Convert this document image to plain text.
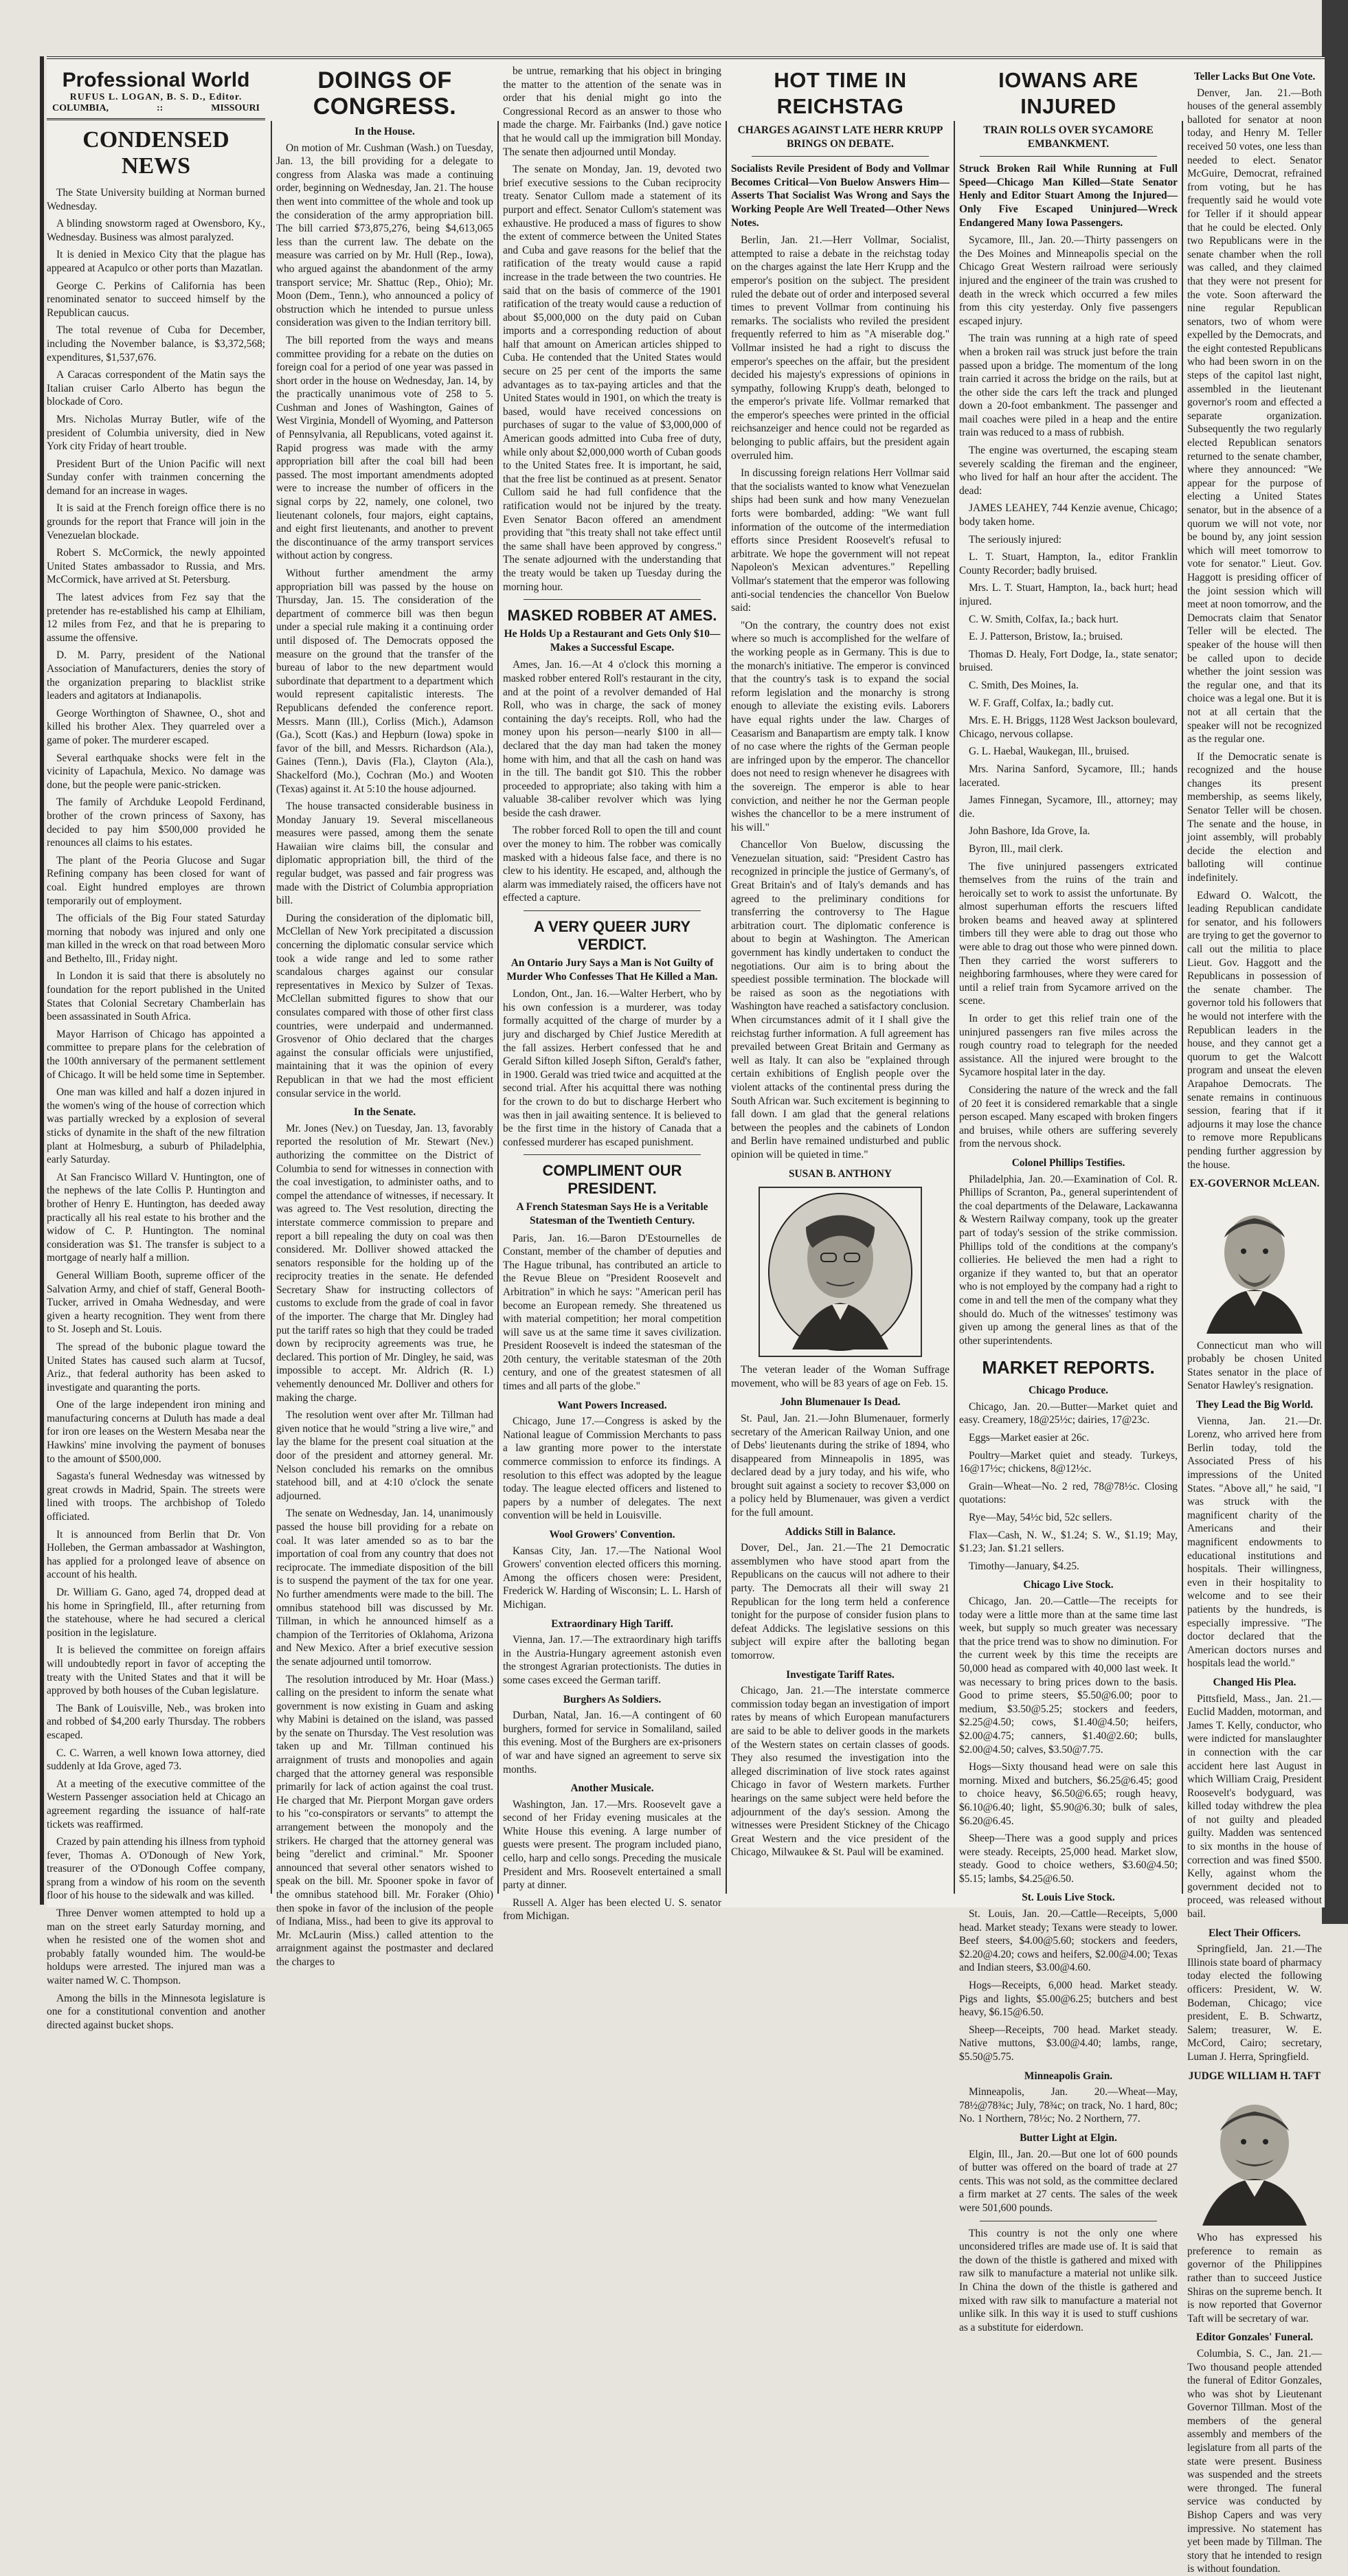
Professional World
RUFUS L. LOGAN, B. S. D., Editor.
COLUMBIA,	::	MISSOURI
CONDENSED NEWS

The State University building at Norman burned Wednesday.

A blinding snowstorm raged at Owensboro, Ky., Wednesday. Business was almost paralyzed.

It is denied in Mexico City that the plague has appeared at Acapulco or other ports than Mazatlan.

George C. Perkins of California has been renominated senator to succeed himself by the Republican caucus.

The total revenue of Cuba for December, including the November balance, is $3,372,568; expenditures, $1,537,676.

A Caracas correspondent of the Matin says the Italian cruiser Carlo Alberto has begun the blockade of Coro.

Mrs. Nicholas Murray Butler, wife of the president of Columbia university, died in New York city Friday of heart trouble.

President Burt of the Union Pacific will next Sunday confer with trainmen concerning the demand for an increase in wages.

It is said at the French foreign office there is no grounds for the report that France will join in the Venezuelan blockade.

Robert S. McCormick, the newly appointed United States ambassador to Russia, and Mrs. McCormick, have arrived at St. Petersburg.

The latest advices from Fez say that the pretender has re-established his camp at Elhiliam, 12 miles from Fez, and that he is preparing to assume the offensive.

D. M. Parry, president of the National Association of Manufacturers, denies the story of the organization preparing to blacklist strike leaders and agitators at Indianapolis.

George Worthington of Shawnee, O., shot and killed his brother Alex. They quarreled over a game of poker. The murderer escaped.

Several earthquake shocks were felt in the vicinity of Lapachula, Mexico. No damage was done, but the people were panic-stricken.

The family of Archduke Leopold Ferdinand, brother of the crown princess of Saxony, has decided to pay him $500,000 provided he renounces all claims to his estates.

The plant of the Peoria Glucose and Sugar Refining company has been closed for want of coal. Eight hundred employes are thrown temporarily out of employment.

The officials of the Big Four stated Saturday morning that nobody was injured and only one man killed in the wreck on that road between Moro and Bethelto, Ill., Friday night.

In London it is said that there is absolutely no foundation for the report published in the United States that Colonial Secretary Chamberlain has been assassinated in South Africa.

Mayor Harrison of Chicago has appointed a committee to prepare plans for the celebration of the 100th anniversary of the permanent settlement of Chicago. It will be held some time in September.

One man was killed and half a dozen injured in the women's wing of the house of correction which was partially wrecked by a explosion of several sticks of dynamite in the shaft of the new filtration plant at Holmesburg, a suburb of Philadelphia, early Saturday.

At San Francisco Willard V. Huntington, one of the nephews of the late Collis P. Huntington and brother of Henry E. Huntington, has deeded away practically all his real estate to his brother and the widow of C. P. Huntington. The nominal consideration was $1. The transfer is subject to a mortgage of nearly half a million.

General William Booth, supreme officer of the Salvation Army, and chief of staff, General Booth-Tucker, arrived in Omaha Wednesday, and were given a hearty recognition. They went from there to St. Joseph and St. Louis.

The spread of the bubonic plague toward the United States has caused such alarm at Tucsof, Ariz., that federal authority has been asked to investigate and quaranting the ports.

One of the large independent iron mining and manufacturing concerns at Duluth has made a deal for iron ore leases on the Western Mesaba near the Hawkins' mine involving the payment of bonuses to the amount of $500,000.

Sagasta's funeral Wednesday was witnessed by great crowds in Madrid, Spain. The streets were lined with troops. The archbishop of Toledo officiated.

It is announced from Berlin that Dr. Von Holleben, the German ambassador at Washington, has applied for a prolonged leave of absence on account of his health.

Dr. William G. Gano, aged 74, dropped dead at his home in Springfield, Ill., after returning from the statehouse, where he had secured a clerical position in the legislature.

It is believed the committee on foreign affairs will undoubtedly report in favor of accepting the treaty with the United States and that it will be approved by both houses of the Cuban legislature.

The Bank of Louisville, Neb., was broken into and robbed of $4,200 early Thursday. The robbers escaped.

C. C. Warren, a well known Iowa attorney, died suddenly at Ida Grove, aged 73.

At a meeting of the executive committee of the Western Passenger association held at Chicago an agreement regarding the issuance of half-rate tickets was reaffirmed.

Crazed by pain attending his illness from typhoid fever, Thomas A. O'Donough of New York, treasurer of the O'Donough Coffee company, sprang from a window of his room on the seventh floor of his house to the sidewalk and was killed.

Three Denver women attempted to hold up a man on the street early Saturday morning, and when he resisted one of the women shot and probably fatally wounded him. The would-be holdups were arrested. The injured man was a waiter named W. C. Thompson.

Among the bills in the Minnesota legislature is one for a constitutional convention and another directed against bucket shops.

DOINGS OF CONGRESS.
In the House.

On motion of Mr. Cushman (Wash.) on Tuesday, Jan. 13, the bill providing for a delegate to congress from Alaska was made a continuing order, beginning on Wednesday, Jan. 21. The house then went into committee of the whole and took up the consideration of the army appropriation bill. The bill carried $73,875,276, being $4,613,065 less than the current law. The debate on the measure was carried on by Mr. Hull (Rep., Iowa), who argued against the abandonment of the army transport service; Mr. Shattuc (Rep., Ohio); Mr. Moon (Dem., Tenn.), who announced a policy of obstruction which he intended to pursue unless consideration was given to the Indian territory bill.

The bill reported from the ways and means committee providing for a rebate on the duties on foreign coal for a period of one year was passed in short order in the house on Wednesday, Jan. 14, by the practically unanimous vote of 258 to 5. Cushman and Jones of Washington, Gaines of West Virginia, Mondell of Wyoming, and Patterson of Pennsylvania, all Republicans, voted against it. Rapid progress was made with the army appropriation bill after the coal bill had been passed. The most important amendments adopted were to increase the number of officers in the signal corps by 22, namely, one colonel, two lieutenant colonels, four majors, eight captains, and eight first lieutenants, and another to prevent the discontinuance of the army transport services without action by congress.

Without further amendment the army appropriation bill was passed by the house on Thursday, Jan. 15. The consideration of the department of commerce bill was then begun under a special rule making it a continuing order until disposed of. The Democrats opposed the measure on the ground that the transfer of the bureau of labor to the new department would subordinate that department to a department which would represent capitalistic interests. The Republicans defended the conference report. Messrs. Mann (Ill.), Corliss (Mich.), Adamson (Ga.), Scott (Kas.) and Hepburn (Iowa) spoke in favor of the bill, and Messrs. Richardson (Ala.), Gaines (Tenn.), Davis (Fla.), Clayton (Ala.), Shackelford (Mo.), Cochran (Mo.) and Wooten (Texas) against it. At 5:10 the house adjourned.

The house transacted considerable business in Monday January 19. Several miscellaneous measures were passed, among them the senate Hawaiian wire claims bill, the consular and diplomatic appropriation bill, the third of the regular budget, was passed and fair progress was made with the District of Columbia appropriation bill.

During the consideration of the diplomatic bill, McClellan of New York precipitated a discussion concerning the diplomatic consular service which took a wide range and led to some rather scandalous charges against our consular representatives in Mexico by Sulzer of Texas. McClellan submitted figures to show that our consulates compared with those of other first class countries, were underpaid and undermanned. Grosvenor of Ohio declared that the charges against the consular officials were unjustified, maintaining that it was the opinion of every Republican in that we had the most efficient consular service in the world.

In the Senate.

Mr. Jones (Nev.) on Tuesday, Jan. 13, favorably reported the resolution of Mr. Stewart (Nev.) authorizing the committee on the District of Columbia to send for witnesses in connection with the coal investigation, to administer oaths, and to compel the attendance of witnesses, if necessary. It was agreed to. The Vest resolution, directing the interstate commerce commission to prepare and report a bill repealing the duty on coal was then considered. Mr. Dolliver showed attacked the senators responsible for the holding up of the reciprocity treaties in the senate. He defended Secretary Shaw for instructing collectors of customs to exclude from the grade of coal in favor of the importer. The charge that Mr. Dingley had put the tariff rates so high that they could be traded down by reciprocity agreements was true, he declared. This portion of Mr. Dingley, he said, was impossible to accept. Mr. Aldrich (R. I.) vehemently denounced Mr. Dolliver and others for making the charge.

The resolution went over after Mr. Tillman had given notice that he would "string a live wire," and lay the blame for the present coal situation at the door of the president and attorney general. Mr. Nelson concluded his remarks on the omnibus statehood bill, and at 4:10 o'clock the senate adjourned.

The senate on Wednesday, Jan. 14, unanimously passed the house bill providing for a rebate on coal. It was later amended so as to bar the importation of coal from any country that does not reciprocate. The immediate disposition of the bill is to suspend the payment of the tax for one year. No further amendments were made to the bill. The omnibus statehood bill was discussed by Mr. Tillman, in which he announced himself as a champion of the Territories of Oklahoma, Arizona and New Mexico. After a brief executive session the senate adjourned until tomorrow.

The resolution introduced by Mr. Hoar (Mass.) calling on the president to inform the senate what government is now existing in Guam and asking why Mabini is detained on the island, was passed by the senate on Thursday. The Vest resolution was taken up and Mr. Tillman continued his arraignment of trusts and monopolies and again charged that the attorney general was responsible primarily for lack of action against the coal trust. He charged that Mr. Pierpont Morgan gave orders to his "co-conspirators or servants" to attempt the arrangement between the monopoly and the strikers. He charged that the attorney general was being "derelict and criminal." Mr. Spooner announced that several other senators wished to speak on the bill. Mr. Spooner spoke in favor of the omnibus statehood bill. Mr. Foraker (Ohio) then spoke in favor of the inclusion of the people of Indiana, Miss., had been to give its approval to Mr. McLaurin (Miss.) called attention to the arraignment against the postmaster and declared the charges to

be untrue, remarking that his object in bringing the matter to the attention of the senate was in order that his denial might go into the Congressional Record as an answer to those who made the charge. Mr. Fairbanks (Ind.) gave notice that he would call up the immigration bill Monday. The senate then adjourned until Monday.

The senate on Monday, Jan. 19, devoted two brief executive sessions to the Cuban reciprocity treaty. Senator Cullom made a statement of its purport and effect. Senator Cullom's statement was exhaustive. He produced a mass of figures to show the extent of commerce between the United States and Cuba and gave reasons for the belief that the ratification of the treaty would cause a rapid increase in the trade between the two countries. He said that on the basis of commerce of the 1901 ratification of the treaty would cause a reduction of about $5,000,000 on the duty paid on Cuban imports and a corresponding reduction of about half that amount on American articles shipped to Cuba. He contended that the United States would secure on 25 per cent of the imports the same advantages as to tax-paying articles and that the United States would in 1901, on which the treaty is based, would have received concessions on purchases of sugar to the value of $3,000,000 of American goods admitted into Cuba free of duty, while only about $2,000,000 worth of Cuban goods to the United States free. It is important, he said, that the free list be continued as at present. Senator Cullom said he had full confidence that the ratification would not be injured by the treaty. Even Senator Bacon offered an amendment providing that "this treaty shall not take effect until the same shall have been approved by congress." The senate adjourned with the understanding that the treaty would be taken up Tuesday during the morning hour.

MASKED ROBBER AT AMES.
He Holds Up a Restaurant and Gets Only $10—Makes a Successful Escape.

Ames, Jan. 16.—At 4 o'clock this morning a masked robber entered Roll's restaurant in the city, and at the point of a revolver demanded of Hal Roll, who was in charge, the sack of money containing the day's receipts. Roll, who had the money upon his person—nearly $100 in all—declared that the day man had taken the money home with him, and that all the cash on hand was in the till. The bandit got $10. This the robber proceeded to appropriate; also taking with him a valuable 38-caliber revolver which was lying beside the cash drawer.

The robber forced Roll to open the till and count over the money to him. The robber was comically masked with a hideous false face, and there is no clew to his identity. He escaped, and, although the alarm was immediately raised, the officers have not effected a capture.

A VERY QUEER JURY VERDICT.
An Ontario Jury Says a Man is Not Guilty of Murder Who Confesses That He Killed a Man.

London, Ont., Jan. 16.—Walter Herbert, who by his own confession is a murderer, was today formally acquitted of the charge of murder by a jury and discharged by Chief Justice Meredith at the fall assizes. Herbert confessed that he and Gerald Sifton killed Joseph Sifton, Gerald's father, in 1900. Gerald was tried twice and acquitted at the second trial. After his acquittal there was nothing for the crown to do but to discharge Herbert who was then in jail awaiting sentence. It is believed to be the first time in the history of Canada that a confessed murderer has escaped punishment.

COMPLIMENT OUR PRESIDENT.
A French Statesman Says He is a Veritable Statesman of the Twentieth Century.

Paris, Jan. 16.—Baron D'Estournelles de Constant, member of the chamber of deputies and The Hague tribunal, has contributed an article to the Revue Bleue on "President Roosevelt and Arbitration" in which he says: "American peril has become an European remedy. She threatened us with material competition; her moral competition will save us at the same time it saves civilization. President Roosevelt is indeed the statesman of the 20th century, the veritable statesman of the 20th century, and one of the greatest statesmen of all times and all parts of the globe."

Want Powers Increased.

Chicago, June 17.—Congress is asked by the National league of Commission Merchants to pass a law granting more power to the interstate commerce commission to enforce its findings. A resolution to this effect was adopted by the league today. The league elected officers and listened to papers by a number of delegates. The next convention will be held in Louisville.

Wool Growers' Convention.

Kansas City, Jan. 17.—The National Wool Growers' convention elected officers this morning. Among the officers chosen were: President, Frederick W. Harding of Wisconsin; L. L. Harsh of Michigan.

Extraordinary High Tariff.

Vienna, Jan. 17.—The extraordinary high tariffs in the Austria-Hungary agreement astonish even the strongest Agrarian protectionists. The duties in some cases exceed the German tariff.

Burghers As Soldiers.

Durban, Natal, Jan. 16.—A contingent of 60 burghers, formed for service in Somaliland, sailed this evening. Most of the Burghers are ex-prisoners of war and have signed an agreement to serve six months.

Another Musicale.

Washington, Jan. 17.—Mrs. Roosevelt gave a second of her Friday evening musicales at the White House this evening. A large number of guests were present. The program included piano, cello, harp and cello songs. Preceding the musicale President and Mrs. Roosevelt entertained a small party at dinner.

Russell A. Alger has been elected U. S. senator from Michigan.

HOT TIME IN REICHSTAG
CHARGES AGAINST LATE HERR KRUPP BRINGS ON DEBATE.
Socialists Revile President of Body and Vollmar Becomes Critical—Von Buelow Answers Him—Asserts That Socialist Was Wrong and Says the Working People Are Well Treated—Other News Notes.

Berlin, Jan. 21.—Herr Vollmar, Socialist, attempted to raise a debate in the reichstag today on the charges against the late Herr Krupp and the emperor's position on the subject. The president ruled the debate out of order and interposed several times to prevent Vollmar from continuing his remarks. The socialists who reviled the president frequently referred to him as "A miserable dog." Vollmar insisted he had a right to discuss the emperor's speeches on the affair, but the president decided his majesty's expressions of opinions in sympathy, following Krupp's death, belonged to the emperor's private life. Vollmar remarked that the emperor's speeches were printed in the official reichsanzeiger and hence could not be regarded as belonging to public affairs, but the president again overruled him.

In discussing foreign relations Herr Vollmar said that the socialists wanted to know what Venezuelan ships had been sunk and how many Venezuelan forts were bombarded, adding: "We want full information of the outcome of the intermediation efforts since President Roosevelt's refusal to arbitrate. We hope the government will not repeat Napoleon's Mexican adventures." Repelling Vollmar's statement that the emperor was following anti-social tendencies the chancellor Von Buelow said:

"On the contrary, the country does not exist where so much is accomplished for the welfare of the working people as in Germany. This is due to the monarch's initiative. The emperor is convinced that the country's task is to expand the social reform legislation and the monarchy is strong enough to alleviate the existing evils. Laborers have equal rights under the law. Charges of Ceasarism and Banapartism are empty talk. I know of no case where the rights of the German people are infringed upon by the emperor. The chancellor does not need to resign whenever he disagrees with the sovereign. The emperor is able to hear conviction, and neither he nor the German people wishes the chancellor to be a mere instrument of his will."

Chancellor Von Buelow, discussing the Venezuelan situation, said: "President Castro has recognized in principle the justice of Germany's, of Great Britain's and of Italy's demands and has agreed to the preliminary conditions for transferring the controversy to The Hague arbitration court. The diplomatic conference is about to begin at Washington. The American government has kindly undertaken to conduct the negotiations. Our aim is to bring about the speediest possible termination. The blockade will be raised as soon as the negotiations with Washington have reached a satisfactory conclusion. When circumstances admit of it I shall give the reichstag further information. A full agreement has prevailed between Great Britain and Germany as well as Italy. It can also be "explained through certain exhibitions of English people over the violent attacks of the continental press during the South African war. Such excitement is beginning to fall down. I am glad that the general relations between the peoples and the cabinets of London and Berlin have remained undisturbed and public opinion will be quieted in time."

SUSAN B. ANTHONY

The veteran leader of the Woman Suffrage movement, who will be 83 years of age on Feb. 15.

John Blumenauer Is Dead.

St. Paul, Jan. 21.—John Blumenauer, formerly secretary of the American Railway Union, and one of Debs' lieutenants during the strike of 1894, who disappeared from Minneapolis in 1895, was declared dead by a jury today, and his wife, who brought suit against a society to recover $3,000 on a policy held by Blumenauer, was given a verdict for the full amount.

Addicks Still in Balance.

Dover, Del., Jan. 21.—The 21 Democratic assemblymen who have stood apart from the Republicans on the caucus will not adhere to their party. The Democrats all their will sway 21 Republican for the long term held a conference tonight for the purpose of consider fusion plans to defeat Addicks. The legislative sessions on this subject will expire after the balloting began tomorrow.

Investigate Tariff Rates.

Chicago, Jan. 21.—The interstate commerce commission today began an investigation of import rates by means of which European manufacturers are said to be able to deliver goods in the markets of the Western states on certain classes of goods. They also resumed the investigation into the alleged discrimination of live stock rates against Chicago in favor of Western markets. Further hearings on the same subject were held before the adjournment of the day's session. Among the witnesses were President Stickney of the Chicago Great Western and the vice president of the Chicago, Milwaukee & St. Paul will be examined.

IOWANS ARE INJURED
TRAIN ROLLS OVER SYCAMORE EMBANKMENT.
Struck Broken Rail While Running at Full Speed—Chicago Man Killed—State Senator Henly and Editor Stuart Among the Injured—Only Five Escaped Uninjured—Wreck Endangered Many Iowa Passengers.

Sycamore, Ill., Jan. 20.—Thirty passengers on the Des Moines and Minneapolis special on the Chicago Great Western railroad were seriously injured and the engineer of the train was crushed to death in the wreck which occurred a few miles from this city yesterday. Only five passengers escaped injury.

The train was running at a high rate of speed when a broken rail was struck just before the train passed upon a bridge. The momentum of the long train carried it across the bridge on the rails, but at the other side the cars left the track and plunged down a 20-foot embankment. The passenger and mail coaches were piled in a heap and the entire train was reduced to a mass of rubbish.

The engine was overturned, the escaping steam severely scalding the fireman and the engineer, who lived for half an hour after the accident. The dead:

JAMES LEAHEY, 744 Kenzie avenue, Chicago; body taken home.

The seriously injured:

L. T. Stuart, Hampton, Ia., editor Franklin County Recorder; badly bruised.

Mrs. L. T. Stuart, Hampton, Ia., back hurt; head injured.

C. W. Smith, Colfax, Ia.; back hurt.

E. J. Patterson, Bristow, Ia.; bruised.

Thomas D. Healy, Fort Dodge, Ia., state senator; bruised.

C. Smith, Des Moines, Ia.

W. F. Graff, Colfax, Ia.; badly cut.

Mrs. E. H. Briggs, 1128 West Jackson boulevard, Chicago, nervous collapse.

G. L. Haebal, Waukegan, Ill., bruised.

Mrs. Narina Sanford, Sycamore, Ill.; hands lacerated.

James Finnegan, Sycamore, Ill., attorney; may die.

John Bashore, Ida Grove, Ia.

Byron, Ill., mail clerk.

The five uninjured passengers extricated themselves from the ruins of the train and heroically set to work to assist the unfortunate. By almost superhuman efforts the rescuers lifted broken beams and heaved away at splintered timbers till they were able to drag out those who were able to drag out those who were pinned down. Then they carried the worst sufferers to neighboring farmhouses, where they were cared for until a relief train from Sycamore arrived on the scene.

In order to get this relief train one of the uninjured passengers ran five miles across the rough country road to telegraph for the needed assistance. All the injured were brought to the Sycamore hospital later in the day.

Considering the nature of the wreck and the fall of 20 feet it is considered remarkable that a single person escaped. Many escaped with broken fingers and bruises, while others are suffering severely from the nervous shock.

Colonel Phillips Testifies.

Philadelphia, Jan. 20.—Examination of Col. R. Phillips of Scranton, Pa., general superintendent of the coal departments of the Delaware, Lackawanna & Western Railway company, took up the greater part of today's session of the strike commission. Phillips told of the conditions at the company's collieries. He believed the men had a right to organize if they wanted to, but that an operator who is not employed by the company had a right to come in and tell the men of the company what they should do. Much of the witnesses' testimony was given up among the general lines as that of the other superintendents.

MARKET REPORTS.
Chicago Produce.

Chicago, Jan. 20.—Butter—Market quiet and easy. Creamery, 18@25½c; dairies, 17@23c.

Eggs—Market easier at 26c.

Poultry—Market quiet and steady. Turkeys, 16@17½c; chickens, 8@12½c.

Grain—Wheat—No. 2 red, 78@78½c. Closing quotations:

Rye—May, 54½c bid, 52c sellers.

Flax—Cash, N. W., $1.24; S. W., $1.19; May, $1.23; Jan. $1.21 sellers.

Timothy—January, $4.25.

Chicago Live Stock.

Chicago, Jan. 20.—Cattle—The receipts for today were a little more than at the same time last week, but supply so much greater was necessary that the price trend was to show no diminution. For the current week by this time the receipts are 50,000 head as compared with 40,000 last week. It was necessary to bring prices down to the basis. Good to prime steers, $5.50@6.00; poor to medium, $3.50@5.25; stockers and feeders, $2.25@4.50; cows, $1.40@4.50; heifers, $2.00@4.75; canners, $1.40@2.60; bulls, $2.00@4.50; calves, $3.50@7.75.

Hogs—Sixty thousand head were on sale this morning. Mixed and butchers, $6.25@6.45; good to choice heavy, $6.50@6.65; rough heavy, $6.10@6.40; light, $5.90@6.30; bulk of sales, $6.20@6.45.

Sheep—There was a good supply and prices were steady. Receipts, 25,000 head. Market slow, steady. Good to choice wethers, $3.60@4.50; $5.15; lambs, $4.25@6.50.

St. Louis Live Stock.

St. Louis, Jan. 20.—Cattle—Receipts, 5,000 head. Market steady; Texans were steady to lower. Beef steers, $4.00@5.60; stockers and feeders, $2.20@4.20; cows and heifers, $2.00@4.00; Texas and Indian steers, $3.00@4.60.

Hogs—Receipts, 6,000 head. Market steady. Pigs and lights, $5.00@6.25; butchers and best heavy, $6.15@6.50.

Sheep—Receipts, 700 head. Market steady. Native muttons, $3.00@4.40; lambs, range, $5.50@5.75.

Minneapolis Grain.

Minneapolis, Jan. 20.—Wheat—May, 78½@78¾c; July, 78¾c; on track, No. 1 hard, 80c; No. 1 Northern, 78½c; No. 2 Northern, 77.

Butter Light at Elgin.

Elgin, Ill., Jan. 20.—But one lot of 600 pounds of butter was offered on the board of trade at 27 cents. This was not sold, as the committee declared a firm market at 27 cents. The sales of the week were 501,600 pounds.

This country is not the only one where unconsidered trifles are made use of. It is said that the down of the thistle is gathered and mixed with raw silk to manufacture a material not unlike silk. In China the down of the thistle is gathered and mixed with raw silk to manufacture a material not unlike silk. In this way it is used to stuff cushions as a substitute for eiderdown.

Teller Lacks But One Vote.

Denver, Jan. 21.—Both houses of the general assembly balloted for senator at noon today, and Henry M. Teller received 50 votes, one less than needed to elect. Senator McGuire, Democrat, refrained from voting, but he has frequently said he would vote for Teller if it should appear that he could be elected. Only two Republicans were in the senate chamber when the roll was called, and they claimed that they were not present for the vote. Soon afterward the nine regular Republican senators, two of whom were expelled by the Democrats, and the eight contested Republicans who had been sworn in on the steps of the capitol last night, assembled in the lieutenant governor's room and effected a separate organization. Subsequently the two regularly elected Republican senators returned to the senate chamber, where they announced: "We appear for the purpose of electing a United States senator, but in the absence of a quorum we will not vote, nor be bound by, any joint session which will meet tomorrow to vote for senator." Lieut. Gov. Haggott is presiding officer of the joint session which will meet at noon tomorrow, and the Democrats claim that Senator Teller will be elected. The speaker of the house will then be called upon to decide whether the joint session was the regular one, and that its choice was a legal one. But it is not at all certain that the speaker will not be recognized as the regular one.

If the Democratic senate is recognized and the house changes its present membership, as seems likely, Senator Teller will be chosen. The senate and the house, in joint assembly, will probably decide the election and balloting will continue indefinitely.

Edward O. Walcott, the leading Republican candidate for senator, and his followers are trying to get the governor to call out the militia to place Lieut. Gov. Haggott and the Republicans in possession of the senate chamber. The governor told his followers that he would not interfere with the Republican leaders in the house, and they cannot get a quorum to get the Walcott program and unseat the eleven Arapahoe Democrats. The senate remains in continuous session, fearing that if it adjourns it may lose the chance to remove more Republicans pending further aggression by the house.

EX-GOVERNOR McLEAN.

Connecticut man who will probably be chosen United States senator in the place of Senator Hawley's resignation.

They Lead the Big World.

Vienna, Jan. 21.—Dr. Lorenz, who arrived here from Berlin today, told the Associated Press of his impressions of the United States. "Above all," he said, "I was struck with the magnificent charity of the Americans and their magnificent endowments to educational institutions and hospitals. Their willingness, even in their hospitality to welcome and to see their patients by the hundreds, is especially impressive. "The doctor declared that the American doctors nurses and hospitals lead the world."

Changed His Plea.

Pittsfield, Mass., Jan. 21.—Euclid Madden, motorman, and James T. Kelly, conductor, who were indicted for manslaughter in connection with the car accident here last August in which William Craig, President Roosevelt's bodyguard, was killed today withdrew the plea of not guilty and pleaded guilty. Madden was sentenced to six months in the house of correction and was fined $500. Kelly, against whom the government decided not to proceed, was released without bail.

Elect Their Officers.

Springfield, Jan. 21.—The Illinois state board of pharmacy today elected the following officers: President, W. W. Bodeman, Chicago; vice president, E. B. Schwartz, Salem; treasurer, W. E. McCord, Cairo; secretary, Luman J. Herra, Springfield.

JUDGE WILLIAM H. TAFT

Who has expressed his preference to remain as governor of the Philippines rather than to succeed Justice Shiras on the supreme bench. It is now reported that Governor Taft will be secretary of war.

Editor Gonzales' Funeral.

Columbia, S. C., Jan. 21.—Two thousand people attended the funeral of Editor Gonzales, who was shot by Lieutenant Governor Tillman. Most of the members of the general assembly and members of the legislature from all parts of the state were present. Business was suspended and the streets were thronged. The funeral service was conducted by Bishop Capers and was very impressive. No statement has yet been made by Tillman. The story that he intended to resign is without foundation.
